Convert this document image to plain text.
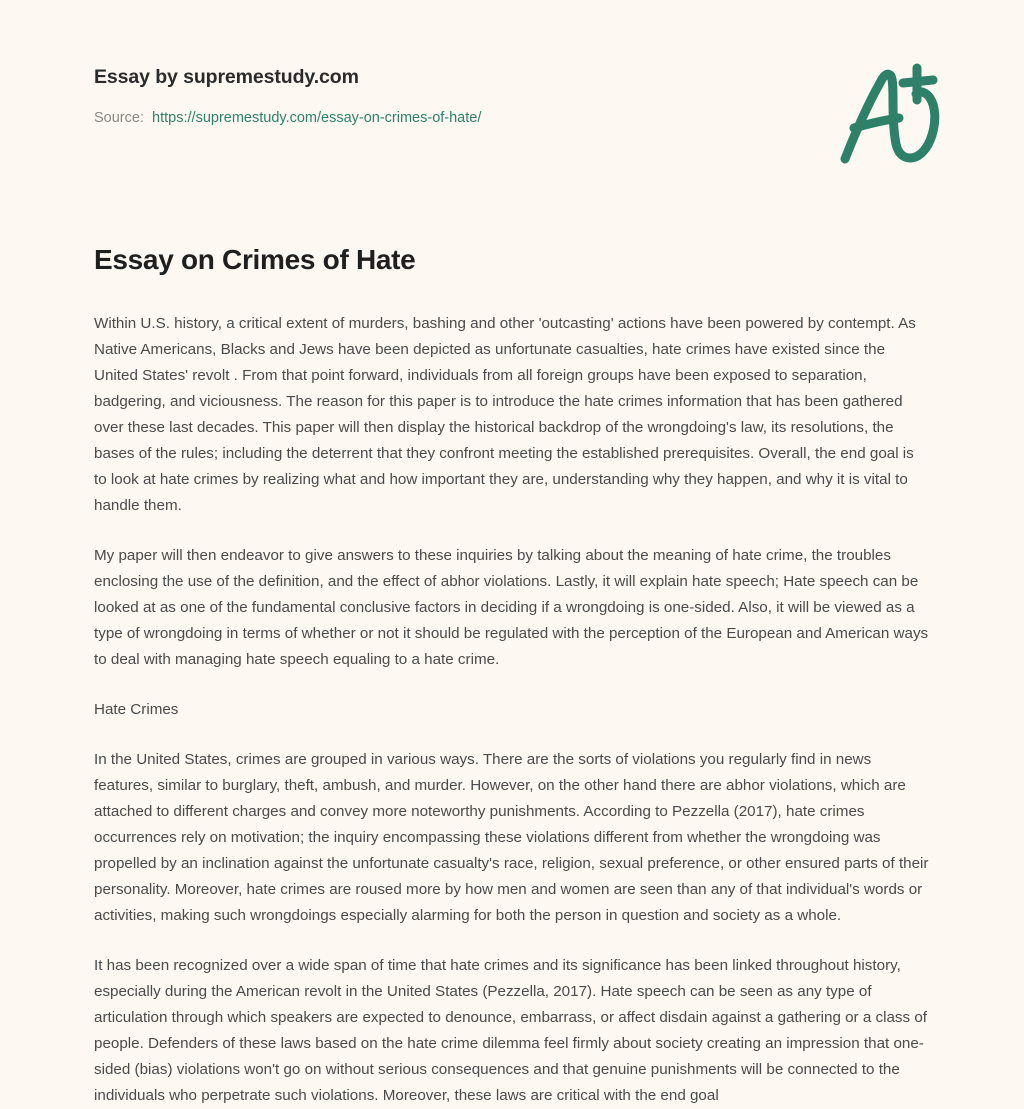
Essay by supremestudy.com
Source: https://supremestudy.com/essay-on-crimes-of-hate/
Essay on Crimes of Hate

Within U.S. history, a critical extent of murders, bashing and other 'outcasting' actions have been powered by contempt. As Native Americans, Blacks and Jews have been depicted as unfortunate casualties, hate crimes have existed since the United States' revolt . From that point forward, individuals from all foreign groups have been exposed to separation, badgering, and viciousness. The reason for this paper is to introduce the hate crimes information that has been gathered over these last decades. This paper will then display the historical backdrop of the wrongdoing's law, its resolutions, the bases of the rules; including the deterrent that they confront meeting the established prerequisites. Overall, the end goal is to look at hate crimes by realizing what and how important they are, understanding why they happen, and why it is vital to handle them.

My paper will then endeavor to give answers to these inquiries by talking about the meaning of hate crime, the troubles enclosing the use of the definition, and the effect of abhor violations. Lastly, it will explain hate speech; Hate speech can be looked at as one of the fundamental conclusive factors in deciding if a wrongdoing is one-sided. Also, it will be viewed as a type of wrongdoing in terms of whether or not it should be regulated with the perception of the European and American ways to deal with managing hate speech equaling to a hate crime.

Hate Crimes

In the United States, crimes are grouped in various ways. There are the sorts of violations you regularly find in news features, similar to burglary, theft, ambush, and murder. However, on the other hand there are abhor violations, which are attached to different charges and convey more noteworthy punishments. According to Pezzella (2017), hate crimes occurrences rely on motivation; the inquiry encompassing these violations different from whether the wrongdoing was propelled by an inclination against the unfortunate casualty's race, religion, sexual preference, or other ensured parts of their personality. Moreover, hate crimes are roused more by how men and women are seen than any of that individual's words or activities, making such wrongdoings especially alarming for both the person in question and society as a whole.

It has been recognized over a wide span of time that hate crimes and its significance has been linked throughout history, especially during the American revolt in the United States (Pezzella, 2017). Hate speech can be seen as any type of articulation through which speakers are expected to denounce, embarrass, or affect disdain against a gathering or a class of people. Defenders of these laws based on the hate crime dilemma feel firmly about society creating an impression that one-sided (bias) violations won't go on without serious consequences and that genuine punishments will be connected to the individuals who perpetrate such violations. Moreover, these laws are critical with the end goal
